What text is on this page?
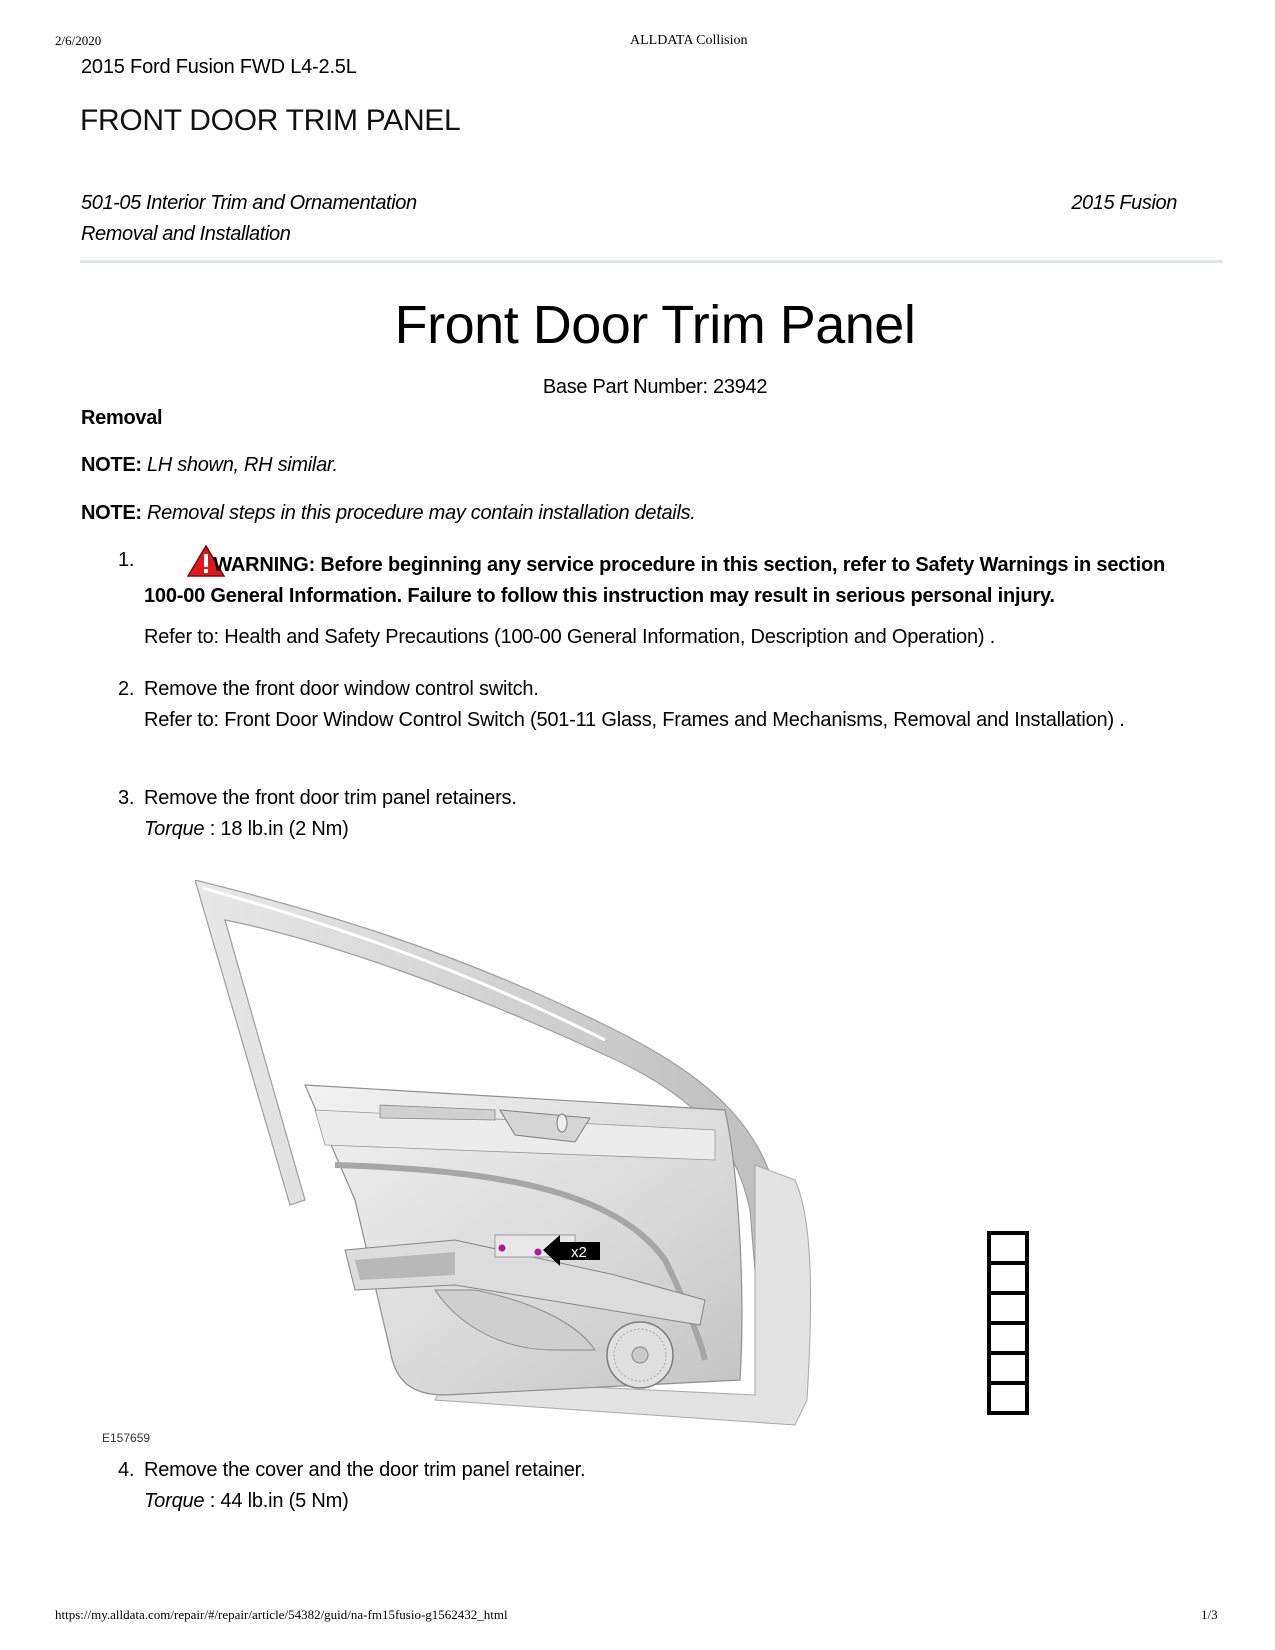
2/6/2020	ALLDATA Collision
2015 Ford Fusion FWD L4-2.5L
FRONT DOOR TRIM PANEL
501-05 Interior Trim and Ornamentation
Removal and Installation
2015 Fusion
Front Door Trim Panel
Base Part Number: 23942
Removal
NOTE: LH shown, RH similar.
NOTE: Removal steps in this procedure may contain installation details.
1.	WARNING: Before beginning any service procedure in this section, refer to Safety Warnings in section 100-00 General Information. Failure to follow this instruction may result in serious personal injury.
Refer to: Health and Safety Precautions (100-00 General Information, Description and Operation) .
2. Remove the front door window control switch.
Refer to: Front Door Window Control Switch (501-11 Glass, Frames and Mechanisms, Removal and Installation) .
3. Remove the front door trim panel retainers.
Torque : 18 lb.in (2 Nm)
x2
E157659
4. Remove the cover and the door trim panel retainer.
Torque : 44 lb.in (5 Nm)
https://my.alldata.com/repair/#/repair/article/54382/guid/na-fm15fusio-g1562432_html	1/3
